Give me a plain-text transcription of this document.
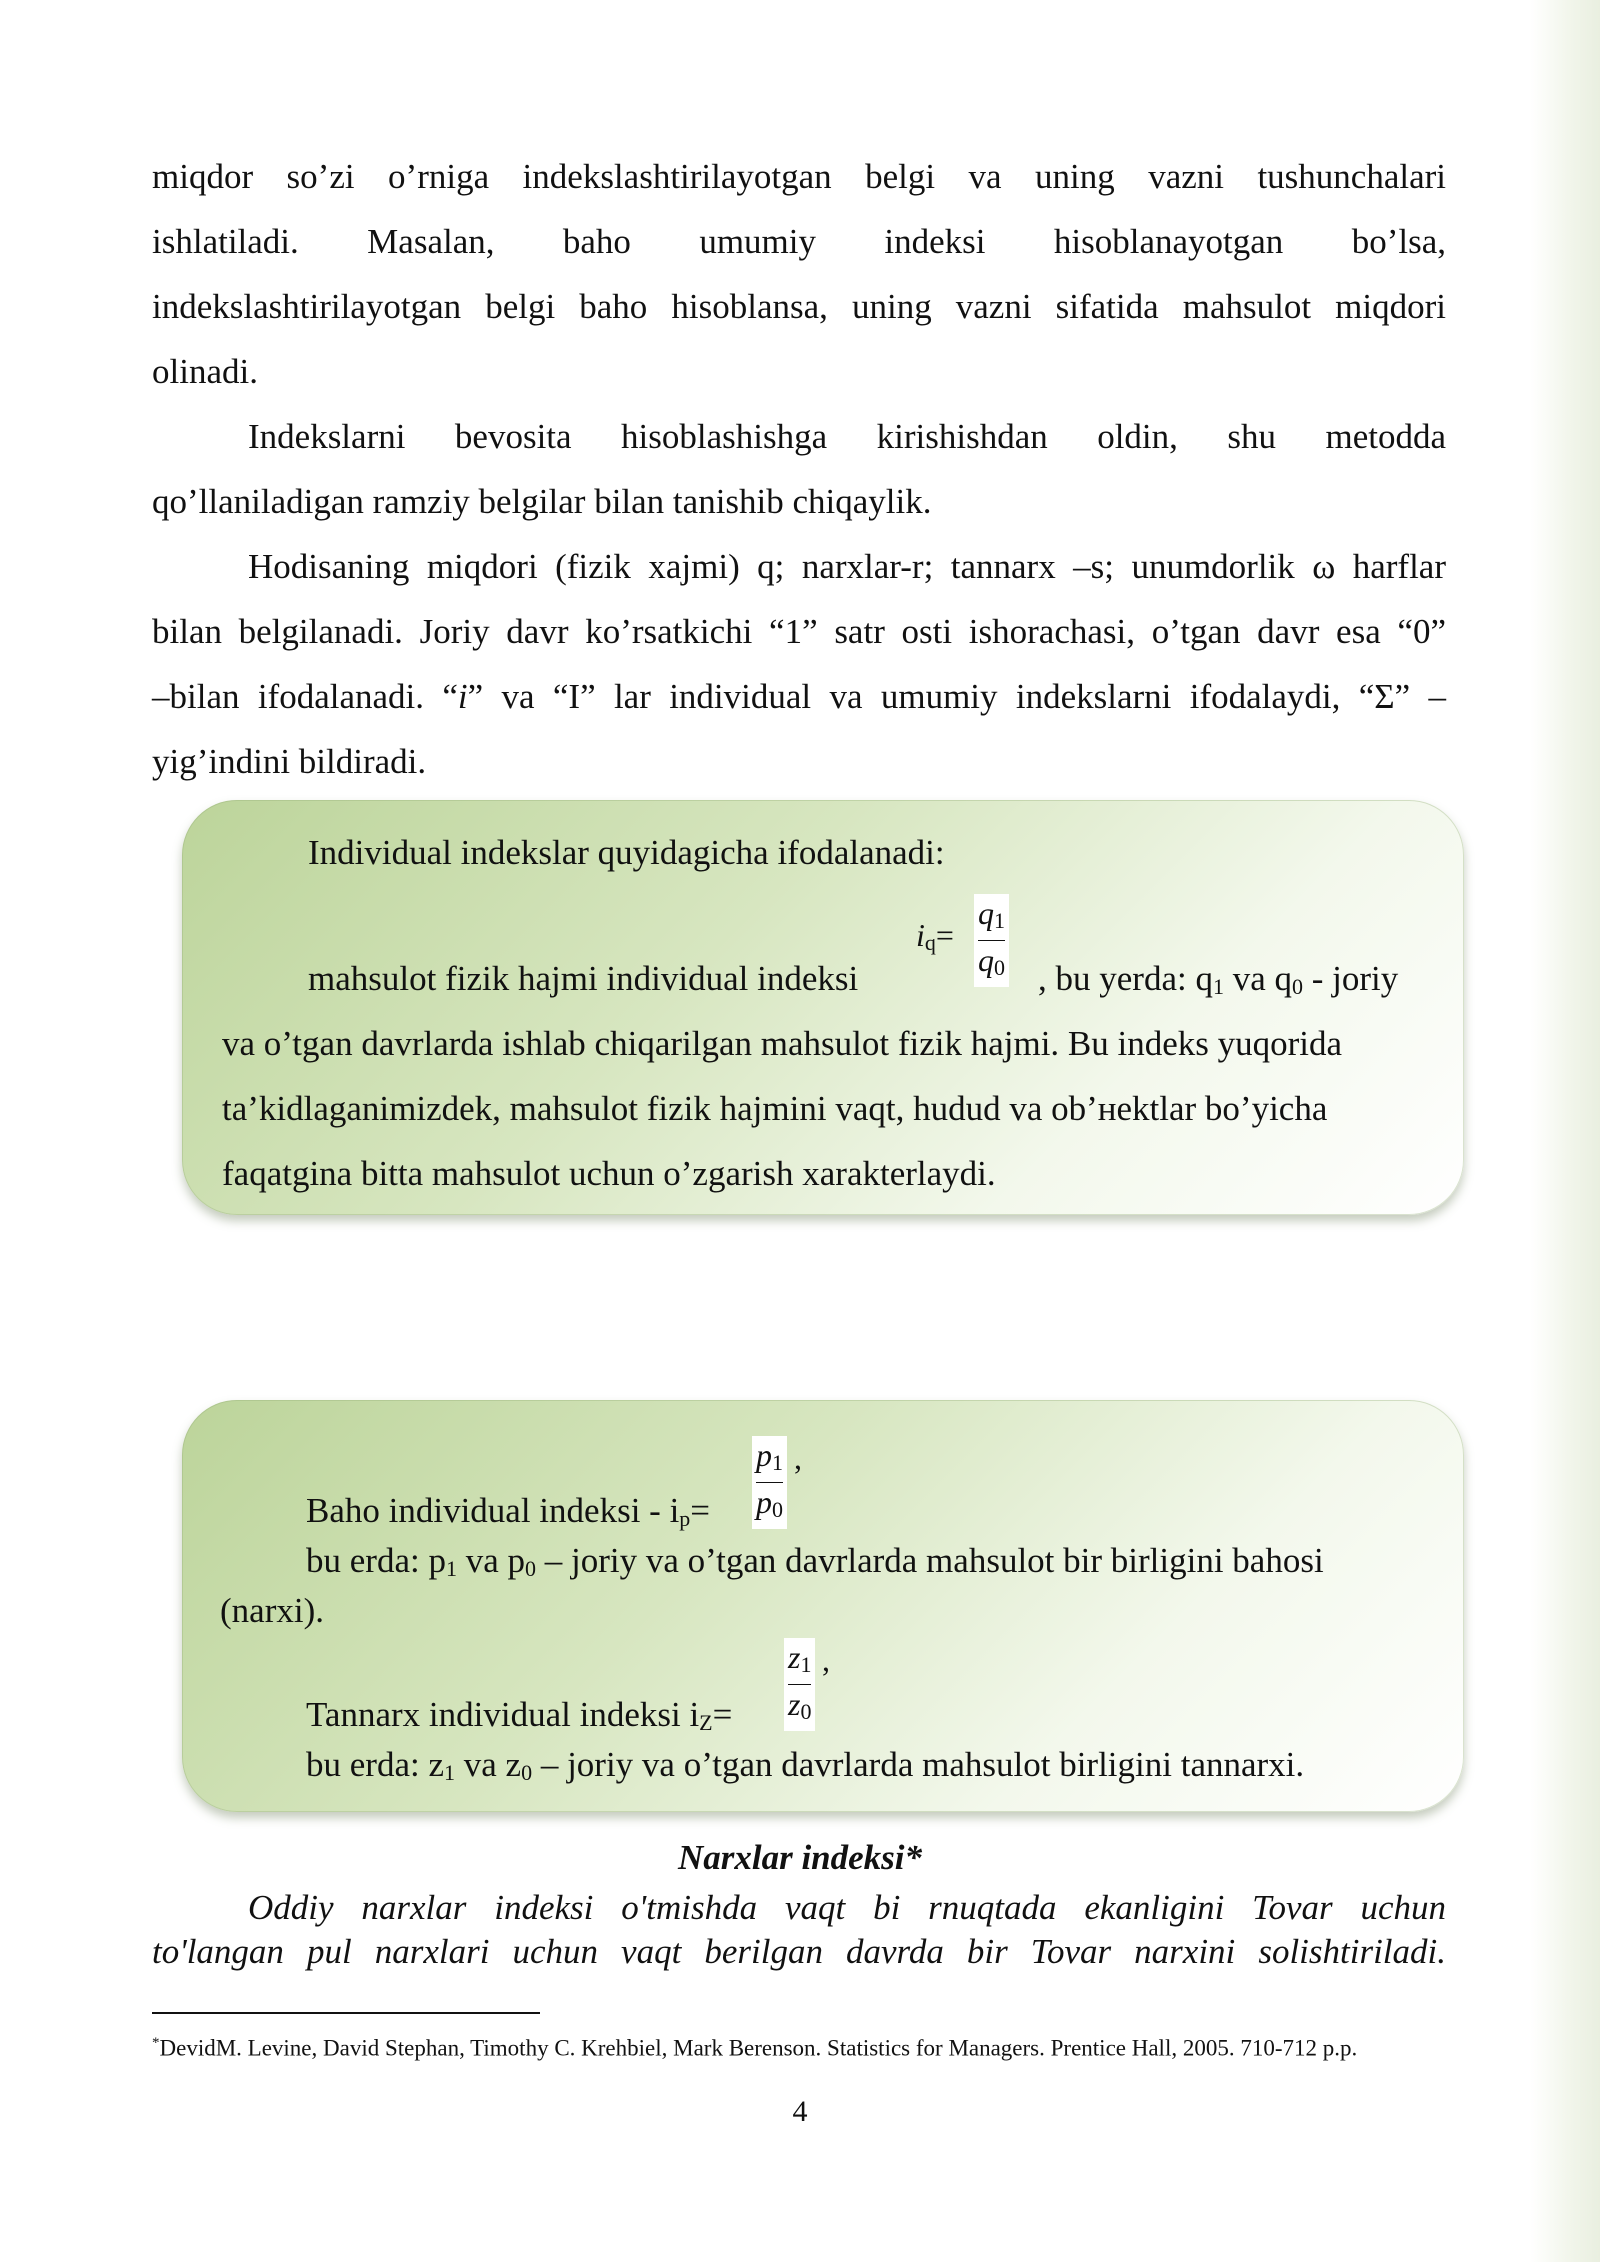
miqdor so’zi o’rniga indekslashtirilayotgan belgi va uning vazni tushunchalari

ishlatiladi. Masalan, baho umumiy indeksi hisoblanayotgan bo’lsa,

indekslashtirilayotgan belgi baho hisoblansa, uning vazni sifatida mahsulot miqdori

olinadi.

Indekslarni bevosita hisoblashishga kirishishdan oldin, shu metodda

qo’llaniladigan ramziy belgilar bilan tanishib chiqaylik.

Hodisaning miqdori (fizik xajmi) q; narxlar-r; tannarx –s; unumdorlik ω harflar

bilan belgilanadi. Joriy davr ko’rsatkichi “1” satr osti ishorachasi, o’tgan davr esa “0”

–bilan ifodalanadi. “i” va “I” lar individual va umumiy indekslarni ifodalaydi, “Σ” –

yig’indini bildiradi.

Individual indekslar quyidagicha ifodalanadi:

$iq= \frac{q1}{q0}$

mahsulot fizik hajmi individual indeksi	, bu yerda: q1 va q0 - joriy

va o’tgan davrlarda ishlab chiqarilgan mahsulot fizik hajmi. Bu indeks yuqorida

ta’kidlaganimizdek, mahsulot fizik hajmini vaqt, hudud va ob’нektlar bo’yicha

faqatgina bitta mahsulot uchun o’zgarish xarakterlaydi.

$\frac{p1}{p0}$ ,

Baho individual indeksi - ip=

bu erda: p1 va p0 – joriy va o’tgan davrlarda mahsulot bir birligini bahosi

(narxi).

$\frac{z1}{z0}$ ,

Tannarx individual indeksi iZ=

bu erda: z1 va z0 – joriy va o’tgan davrlarda mahsulot birligini tannarxi.

Narxlar indeksi*

Oddiy narxlar indeksi o'tmishda vaqt bi rnuqtada ekanligini Tovar uchun

to'langan pul narxlari uchun vaqt berilgan davrda bir Tovar narxini solishtiriladi.

*DevidM. Levine, David Stephan, Timothy C. Krehbiel, Mark Berenson. Statistics for Managers. Prentice Hall, 2005. 710-712 p.p.

4
